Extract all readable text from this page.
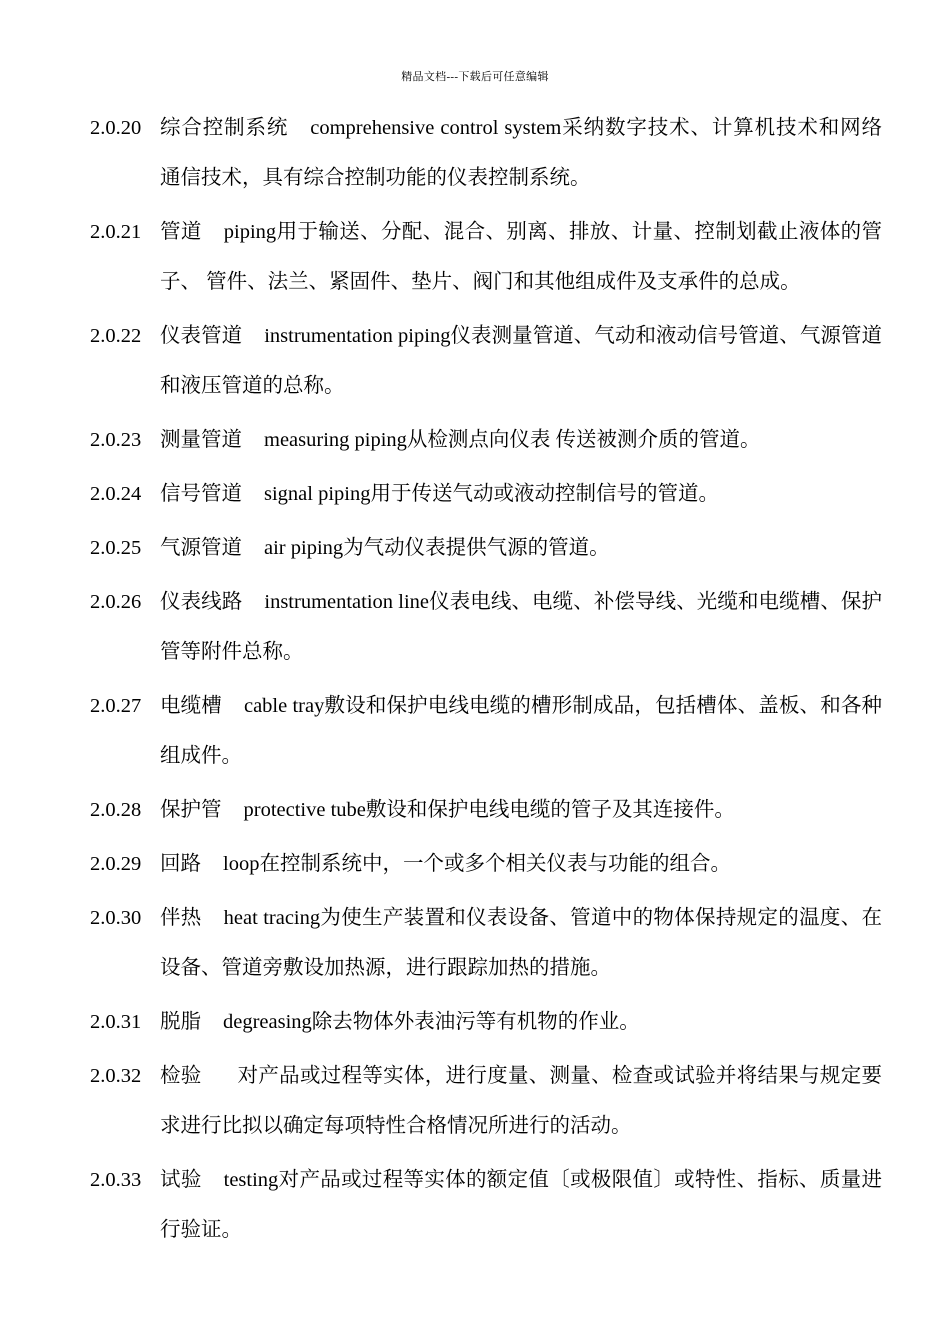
精品文档---下载后可任意编辑
2.0.20 综合控制系统 comprehensive control system采纳数字技术、计算机技术和网络通信技术，具有综合控制功能的仪表控制系统。
2.0.21 管道 piping用于输送、分配、混合、别离、排放、计量、控制划截止液体的管子、 管件、法兰、紧固件、垫片、阀门和其他组成件及支承件的总成。
2.0.22 仪表管道 instrumentation piping仪表测量管道、气动和液动信号管道、气源管道和液压管道的总称。
2.0.23 测量管道 measuring piping从检测点向仪表 传送被测介质的管道。
2.0.24 信号管道 signal piping用于传送气动或液动控制信号的管道。
2.0.25 气源管道 air piping为气动仪表提供气源的管道。
2.0.26 仪表线路 instrumentation line仪表电线、电缆、补偿导线、光缆和电缆槽、保护管等附件总称。
2.0.27 电缆槽 cable tray敷设和保护电线电缆的槽形制成品，包括槽体、盖板、和各种组成件。
2.0.28 保护管 protective tube敷设和保护电线电缆的管子及其连接件。
2.0.29 回路 loop在控制系统中，一个或多个相关仪表与功能的组合。
2.0.30 伴热 heat tracing为使生产装置和仪表设备、管道中的物体保持规定的温度、在设备、管道旁敷设加热源，进行跟踪加热的措施。
2.0.31 脱脂 degreasing除去物体外表油污等有机物的作业。
2.0.32 检验 对产品或过程等实体，进行度量、测量、检查或试验并将结果与规定要求进行比拟以确定每项特性合格情况所进行的活动。
2.0.33 试验 testing对产品或过程等实体的额定值〔或极限值〕或特性、指标、质量进行验证。
